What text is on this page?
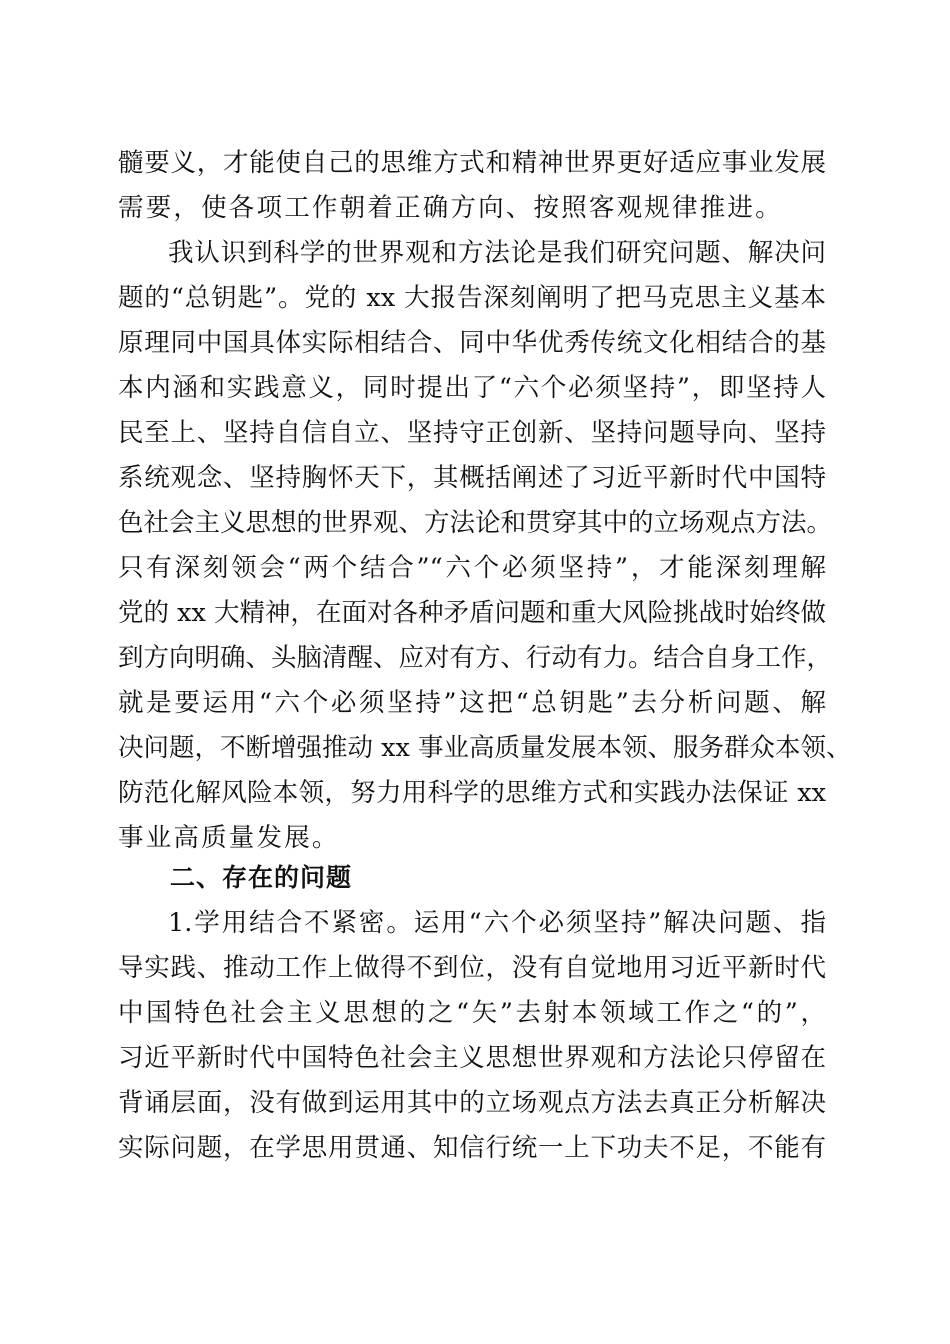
髓要义，才能使自己的思维方式和精神世界更好适应事业发展
需要，使各项工作朝着正确方向、按照客观规律推进。
我认识到科学的世界观和方法论是我们研究问题、解决问
题的“总钥匙”。党的 xx 大报告深刻阐明了把马克思主义基本
原理同中国具体实际相结合、同中华优秀传统文化相结合的基
本内涵和实践意义，同时提出了“六个必须坚持”，即坚持人
民至上、坚持自信自立、坚持守正创新、坚持问题导向、坚持
系统观念、坚持胸怀天下，其概括阐述了习近平新时代中国特
色社会主义思想的世界观、方法论和贯穿其中的立场观点方法。
只有深刻领会“两个结合”“六个必须坚持”，才能深刻理解
党的 xx 大精神，在面对各种矛盾问题和重大风险挑战时始终做
到方向明确、头脑清醒、应对有方、行动有力。结合自身工作，
就是要运用“六个必须坚持”这把“总钥匙”去分析问题、解
决问题，不断增强推动 xx 事业高质量发展本领、服务群众本领、
防范化解风险本领，努力用科学的思维方式和实践办法保证 xx
事业高质量发展。
二、存在的问题
1.学用结合不紧密。运用“六个必须坚持”解决问题、指
导实践、推动工作上做得不到位，没有自觉地用习近平新时代
中国特色社会主义思想的之“矢”去射本领域工作之“的”，
习近平新时代中国特色社会主义思想世界观和方法论只停留在
背诵层面，没有做到运用其中的立场观点方法去真正分析解决
实际问题，在学思用贯通、知信行统一上下功夫不足，不能有
